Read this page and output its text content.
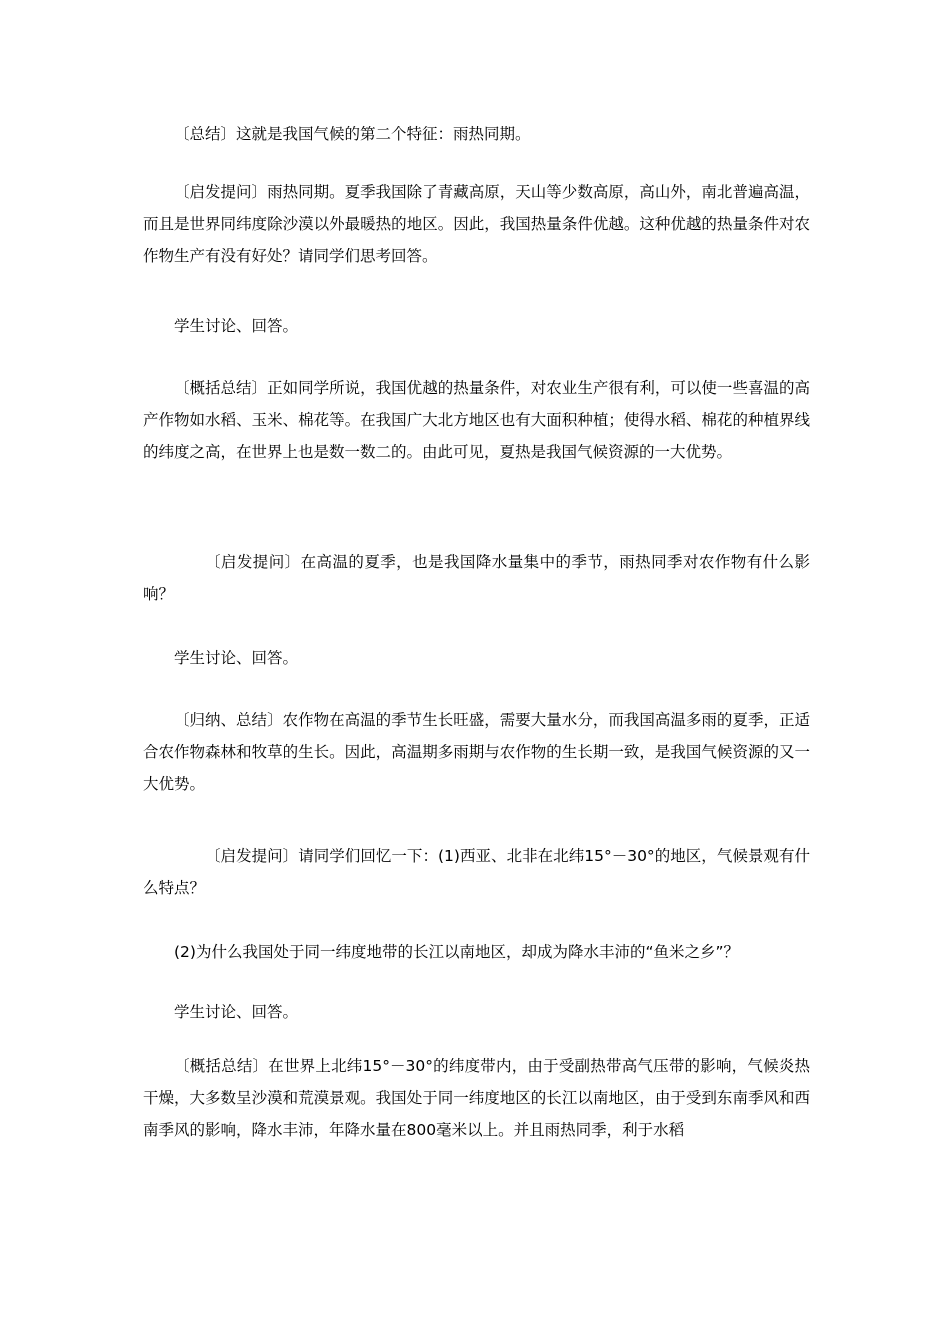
〔总结〕这就是我国气候的第二个特征：雨热同期。

〔启发提问〕雨热同期。夏季我国除了青藏高原，天山等少数高原，高山外，南北普遍高温，而且是世界同纬度除沙漠以外最暖热的地区。因此，我国热量条件优越。这种优越的热量条件对农作物生产有没有好处？请同学们思考回答。

学生讨论、回答。

〔概括总结〕正如同学所说，我国优越的热量条件，对农业生产很有利，可以使一些喜温的高产作物如水稻、玉米、棉花等。在我国广大北方地区也有大面积种植；使得水稻、棉花的种植界线的纬度之高，在世界上也是数一数二的。由此可见，夏热是我国气候资源的一大优势。

〔启发提问〕在高温的夏季，也是我国降水量集中的季节，雨热同季对农作物有什么影响？

学生讨论、回答。

〔归纳、总结〕农作物在高温的季节生长旺盛，需要大量水分，而我国高温多雨的夏季，正适合农作物森林和牧草的生长。因此，高温期多雨期与农作物的生长期一致，是我国气候资源的又一大优势。

〔启发提问〕请同学们回忆一下：(1)西亚、北非在北纬15°－30°的地区，气候景观有什么特点？

(2)为什么我国处于同一纬度地带的长江以南地区，却成为降水丰沛的“鱼米之乡”？

学生讨论、回答。

〔概括总结〕在世界上北纬15°－30°的纬度带内，由于受副热带高气压带的影响，气候炎热干燥，大多数呈沙漠和荒漠景观。我国处于同一纬度地区的长江以南地区，由于受到东南季风和西南季风的影响，降水丰沛，年降水量在800毫米以上。并且雨热同季，利于水稻
